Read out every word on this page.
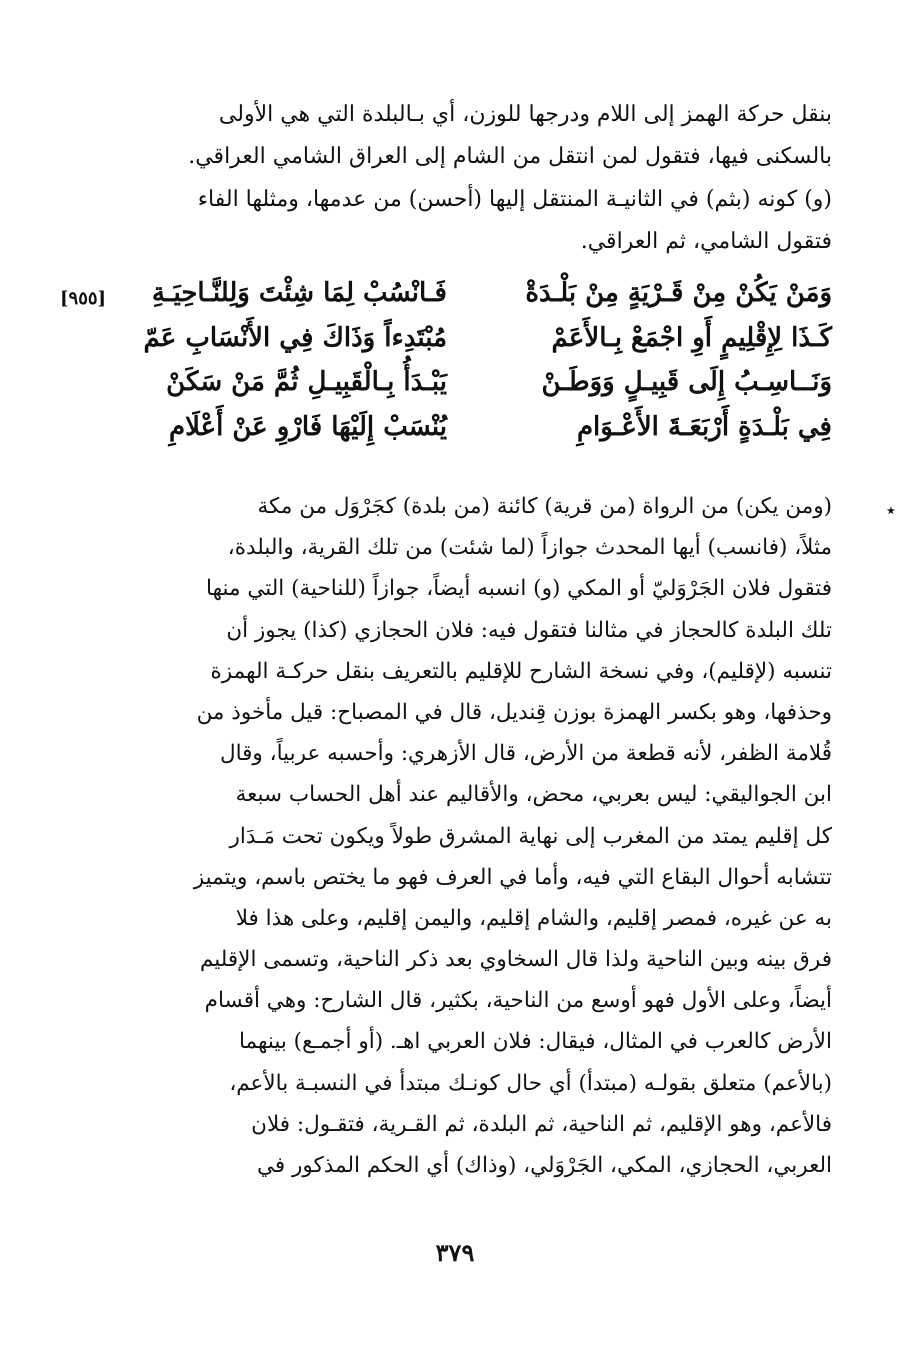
بنقل حركة الهمز إلى اللام ودرجها للوزن، أي بـالبلدة التي هي الأولى
بالسكنى فيها، فتقول لمن انتقل من الشام إلى العراق الشامي العراقي.
(و) كونه (بثم) في الثانيـة المنتقل إليها (أحسن) من عدمها، ومثلها الفاء
فتقول الشامي، ثم العراقي.
[٩٥٥]	وَمَنْ يَكُنْ مِنْ قَـرْيَةٍ مِنْ بَلْـدَةْ
فَـانْسُبْ لِمَا شِئْتَ وَلِلنَّـاحِيَـةِ
كَـذَا لِإِقْلِيمٍ أَوِ اجْمَعْ بِـالأَعَمْ
مُبْتَدِءاً وَذَاكَ فِي الأَنْسَابِ عَمّ
وَنَــاسِـبُ إِلَى قَبِيـلٍ وَوَطَـنْ
يَبْـدَأُ بِـالْقَبِيـلِ ثُمَّ مَنْ سَكَنْ
فِي بَلْـدَةٍ أَرْبَعَـةَ الأَعْـوَامِ
يُنْسَبْ إِلَيْهَا فَارْوِ عَنْ أَعْلَامِ
٭
(ومن يكن) من الرواة (من قرية) كائنة (من بلدة) كجَرْوَل من مكة
مثلاً، (فانسب) أيها المحدث جوازاً (لما شئت) من تلك القرية، والبلدة،
فتقول فلان الجَرْوَليّ أو المكي (و) انسبه أيضاً، جوازاً (للناحية) التي منها
تلك البلدة كالحجاز في مثالنا فتقول فيه: فلان الحجازي (كذا) يجوز أن
تنسبه (لإقليم)، وفي نسخة الشارح للإقليم بالتعريف بنقل حركـة الهمزة
وحذفها، وهو بكسر الهمزة بوزن قِنديل، قال في المصباح: قيل مأخوذ من
قُلامة الظفر، لأنه قطعة من الأرض، قال الأزهري: وأحسبه عربياً، وقال
ابن الجواليقي: ليس بعربي، محض، والأقاليم عند أهل الحساب سبعة
كل إقليم يمتد من المغرب إلى نهاية المشرق طولاً ويكون تحت مَـدَار
تتشابه أحوال البقاع التي فيه، وأما في العرف فهو ما يختص باسم، ويتميز
به عن غيره، فمصر إقليم، والشام إقليم، واليمن إقليم، وعلى هذا فلا
فرق بينه وبين الناحية ولذا قال السخاوي بعد ذكر الناحية، وتسمى الإقليم
أيضاً، وعلى الأول فهو أوسع من الناحية، بكثير، قال الشارح: وهي أقسام
الأرض كالعرب في المثال، فيقال: فلان العربي اهـ. (أو أجمـع) بينهما
(بالأعم) متعلق بقولـه (مبتدأ) أي حال كونـك مبتدأ في النسبـة بالأعم،
فالأعم، وهو الإقليم، ثم الناحية، ثم البلدة، ثم القـرية، فتقـول: فلان
العربي، الحجازي، المكي، الجَرْوَلي، (وذاك) أي الحكم المذكور في
٣٧٩
